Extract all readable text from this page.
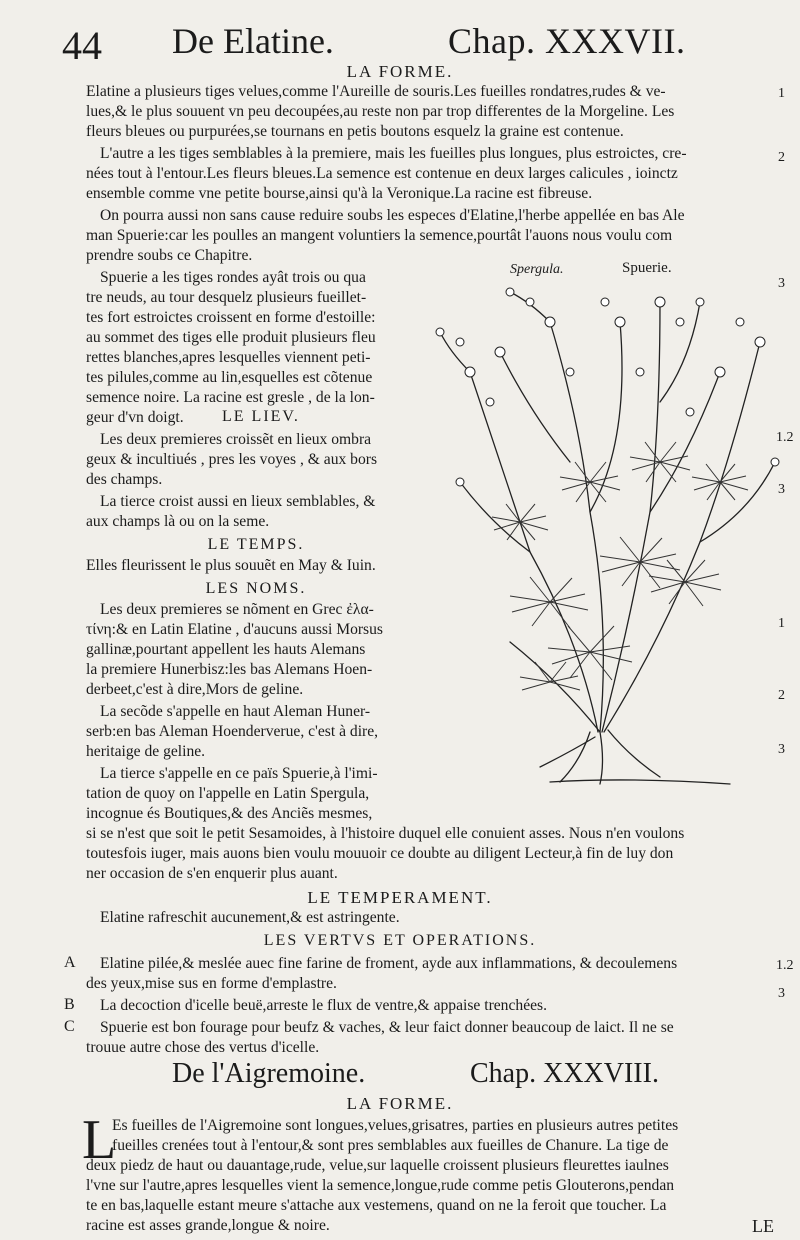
44 De Elatine.	Chap. XXXVII.
LA FORME.
Elatine a plusieurs tiges velues,comme l'Aureille de souris.Les fueilles rondatres,rudes & ve-
lues,& le plus souuent vn peu decoupées,au reste non par trop differentes de la Morgeline. Les
fleurs bleues ou purpurées,se tournans en petis boutons esquelz la graine est contenue.
L'autre a les tiges semblables à la premiere, mais les fueilles plus longues, plus estroictes, cre-
nées tout à l'entour.Les fleurs bleues.La semence est contenue en deux larges calicules , ioinctz
ensemble comme vne petite bourse,ainsi qu'à la Veronique.La racine est fibreuse.
On pourra aussi non sans cause reduire soubs les especes d'Elatine,l'herbe appellée en bas Ale
man Spuerie:car les poulles an mangent voluntiers la semence,pourtât l'auons nous voulu com
prendre soubs ce Chapitre.
Spuerie a les tiges rondes ayât trois ou qua
tre neuds, au tour desquelz plusieurs fueillet-
tes fort estroictes croissent en forme d'estoille:
au sommet des tiges elle produit plusieurs fleu
rettes blanches,apres lesquelles viennent peti-
tes pilules,comme au lin,esquelles est cõtenue
semence noire. La racine est gresle , de la lon-
geur d'vn doigt. LE LIEV.
Les deux premieres croissẽt en lieux ombra
geux & incultiués , pres les voyes , & aux bors
des champs.
La tierce croist aussi en lieux semblables, &
aux champs là ou on la seme.
LE TEMPS.
Elles fleurissent le plus souuẽt en May & Iuin.
LES NOMS.
Les deux premieres se nõment en Grec ἐλα-
τίνη:& en Latin Elatine , d'aucuns aussi Morsus
gallinæ,pourtant appellent les hauts Alemans
la premiere Hunerbisz:les bas Alemans Hoen-
derbeet,c'est à dire,Mors de geline.
La secõde s'appelle en haut Aleman Huner-
serb:en bas Aleman Hoenderverue, c'est à dire,
heritaige de geline.
La tierce s'appelle en ce païs Spuerie,à l'imi-
tation de quoy on l'appelle en Latin Spergula,
incognue és Boutiques,& des Anciẽs mesmes,
si se n'est que soit le petit Sesamoides, à l'histoire duquel elle conuient asses. Nous n'en voulons
toutesfois iuger, mais auons bien voulu mouuoir ce doubte au diligent Lecteur,à fin de luy don
ner occasion de s'en enquerir plus auant.
LE TEMPERAMENT.
Elatine rafreschit aucunement,& est astringente.
LES VERTVS ET OPERATIONS.
A Elatine pilée,& meslée auec fine farine de froment, ayde aux inflammations, & decoulemens
des yeux,mise sus en forme d'emplastre.
B La decoction d'icelle beuë,arreste le flux de ventre,& appaise trenchées.
C Spuerie est bon fourage pour beufz & vaches, & leur faict donner beaucoup de laict. Il ne se
trouue autre chose des vertus d'icelle.
De l'Aigremoine.	Chap. XXXVIII.
LA FORME.
L
Es fueilles de l'Aigremoine sont longues,velues,grisatres, parties en plusieurs autres petites
fueilles crenées tout à l'entour,& sont pres semblables aux fueilles de Chanure. La tige de
deux piedz de haut ou dauantage,rude, velue,sur laquelle croissent plusieurs fleurettes iaulnes
l'vne sur l'autre,apres lesquelles vient la semence,longue,rude comme petis Glouterons,pendan
te en bas,laquelle estant meure s'attache aux vestemens, quand on ne la feroit que toucher. La
racine est asses grande,longue & noire.	LE
1
2
3
1.2
3
1
2
3
1.2
3
Spergula.	Spuerie.
